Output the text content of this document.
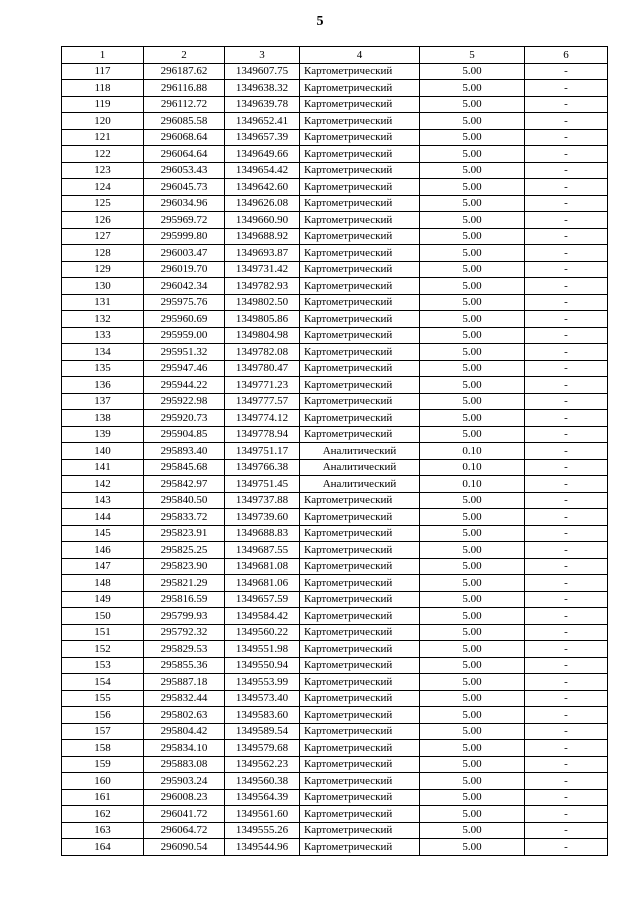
5
1	2	3	4	5	6
117	296187.62	1349607.75	Картометрический	5.00	-
118	296116.88	1349638.32	Картометрический	5.00	-
119	296112.72	1349639.78	Картометрический	5.00	-
120	296085.58	1349652.41	Картометрический	5.00	-
121	296068.64	1349657.39	Картометрический	5.00	-
122	296064.64	1349649.66	Картометрический	5.00	-
123	296053.43	1349654.42	Картометрический	5.00	-
124	296045.73	1349642.60	Картометрический	5.00	-
125	296034.96	1349626.08	Картометрический	5.00	-
126	295969.72	1349660.90	Картометрический	5.00	-
127	295999.80	1349688.92	Картометрический	5.00	-
128	296003.47	1349693.87	Картометрический	5.00	-
129	296019.70	1349731.42	Картометрический	5.00	-
130	296042.34	1349782.93	Картометрический	5.00	-
131	295975.76	1349802.50	Картометрический	5.00	-
132	295960.69	1349805.86	Картометрический	5.00	-
133	295959.00	1349804.98	Картометрический	5.00	-
134	295951.32	1349782.08	Картометрический	5.00	-
135	295947.46	1349780.47	Картометрический	5.00	-
136	295944.22	1349771.23	Картометрический	5.00	-
137	295922.98	1349777.57	Картометрический	5.00	-
138	295920.73	1349774.12	Картометрический	5.00	-
139	295904.85	1349778.94	Картометрический	5.00	-
140	295893.40	1349751.17	Аналитический	0.10	-
141	295845.68	1349766.38	Аналитический	0.10	-
142	295842.97	1349751.45	Аналитический	0.10	-
143	295840.50	1349737.88	Картометрический	5.00	-
144	295833.72	1349739.60	Картометрический	5.00	-
145	295823.91	1349688.83	Картометрический	5.00	-
146	295825.25	1349687.55	Картометрический	5.00	-
147	295823.90	1349681.08	Картометрический	5.00	-
148	295821.29	1349681.06	Картометрический	5.00	-
149	295816.59	1349657.59	Картометрический	5.00	-
150	295799.93	1349584.42	Картометрический	5.00	-
151	295792.32	1349560.22	Картометрический	5.00	-
152	295829.53	1349551.98	Картометрический	5.00	-
153	295855.36	1349550.94	Картометрический	5.00	-
154	295887.18	1349553.99	Картометрический	5.00	-
155	295832.44	1349573.40	Картометрический	5.00	-
156	295802.63	1349583.60	Картометрический	5.00	-
157	295804.42	1349589.54	Картометрический	5.00	-
158	295834.10	1349579.68	Картометрический	5.00	-
159	295883.08	1349562.23	Картометрический	5.00	-
160	295903.24	1349560.38	Картометрический	5.00	-
161	296008.23	1349564.39	Картометрический	5.00	-
162	296041.72	1349561.60	Картометрический	5.00	-
163	296064.72	1349555.26	Картометрический	5.00	-
164	296090.54	1349544.96	Картометрический	5.00	-
